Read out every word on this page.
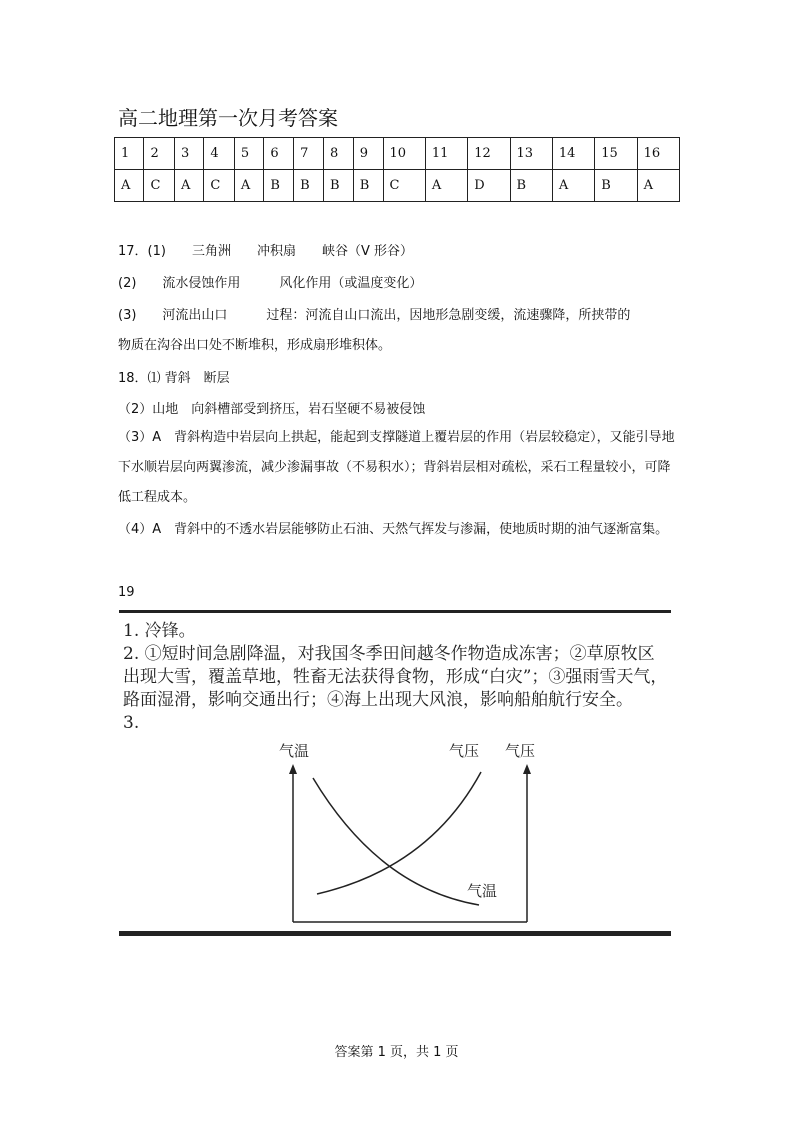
高二地理第一次月考答案
1	2	3	4	5	6	7	8	9	10	11	12	13	14	15	16
A	C	A	C	A	B	B	B	B	C	A	D	B	A	B	A
17．(1)　　三角洲　　冲积扇　　峡谷（V 形谷）
(2)　　流水侵蚀作用　　　风化作用（或温度变化）
(3)　　河流出山口　　　过程：河流自山口流出，因地形急剧变缓，流速骤降，所挟带的
物质在沟谷出口处不断堆积，形成扇形堆积体。
18．⑴ 背斜　断层
（2）山地　向斜槽部受到挤压，岩石坚硬不易被侵蚀
（3）A　背斜构造中岩层向上拱起，能起到支撑隧道上覆岩层的作用（岩层较稳定），又能引导地下水顺岩层向两翼渗流，减少渗漏事故（不易积水）；背斜岩层相对疏松，采石工程量较小，可降低工程成本。
（4）A　背斜中的不透水岩层能够防止石油、天然气挥发与渗漏，使地质时期的油气逐渐富集。
19
1. 冷锋。
2. ①短时间急剧降温，对我国冬季田间越冬作物造成冻害；②草原牧区出现大雪，覆盖草地，牲畜无法获得食物，形成“白灾”；③强雨雪天气，路面湿滑，影响交通出行；④海上出现大风浪，影响船舶航行安全。
3.
气温	气压
气压
气温
答案第 1 页，共 1 页
